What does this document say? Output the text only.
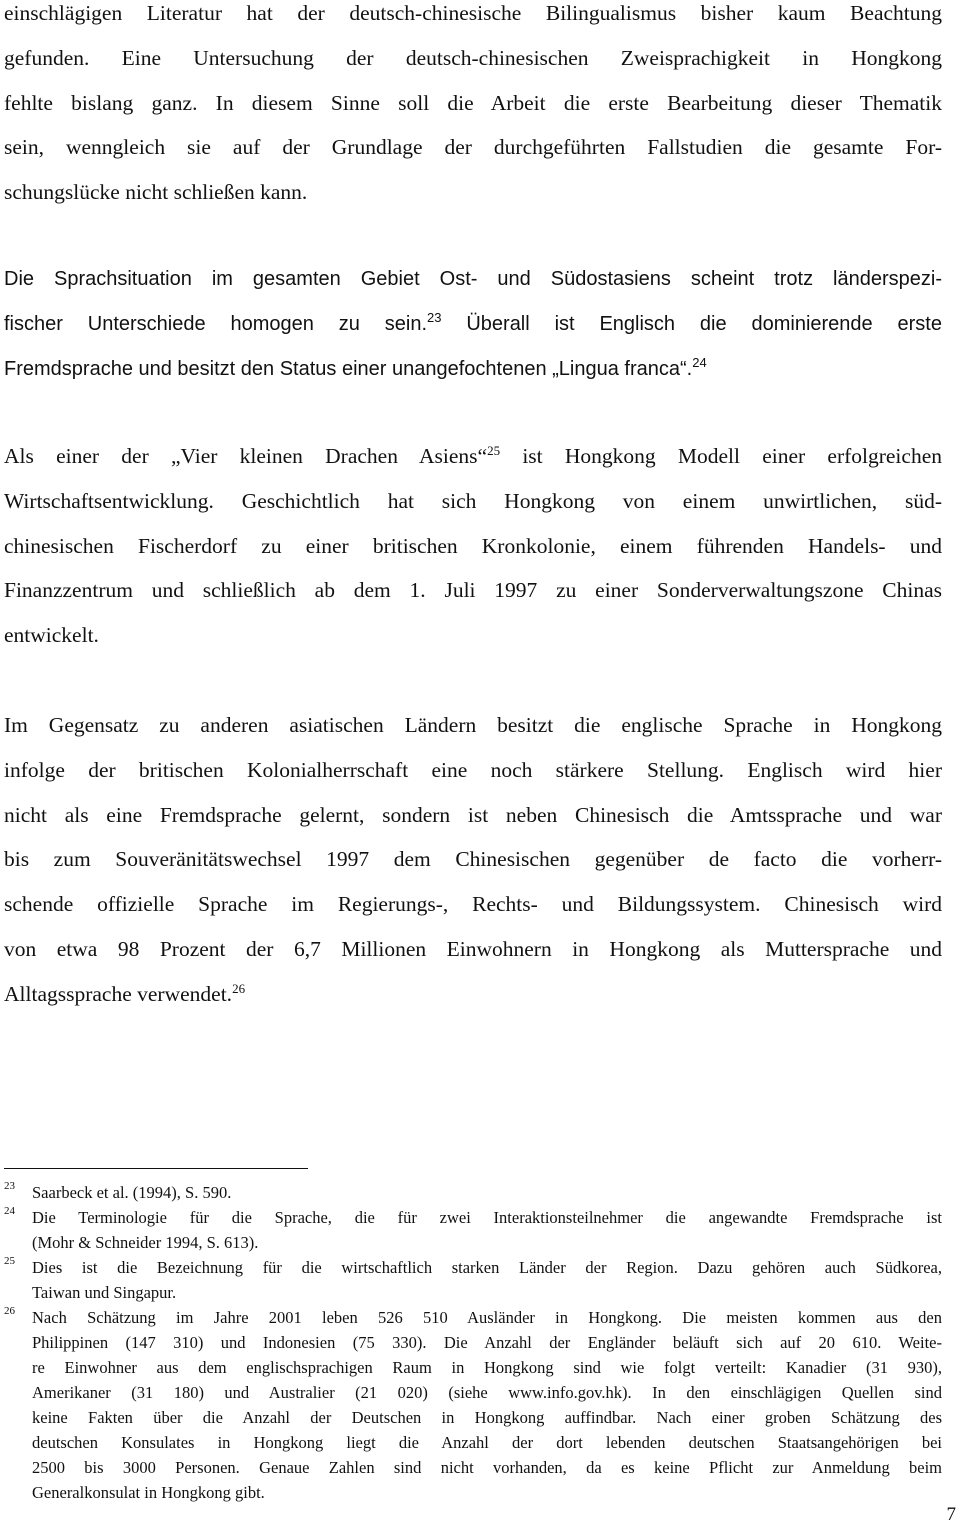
einschlägigen Literatur hat der deutsch-chinesische Bilingualismus bisher kaum Beachtung
gefunden. Eine Untersuchung der deutsch-chinesischen Zweisprachigkeit in Hongkong
fehlte bislang ganz. In diesem Sinne soll die Arbeit die erste Bearbeitung dieser Thematik
sein, wenngleich sie auf der Grundlage der durchgeführten Fallstudien die gesamte For-
schungslücke nicht schließen kann.
Die Sprachsituation im gesamten Gebiet Ost- und Südostasiens scheint trotz länderspezi-
fischer Unterschiede homogen zu sein.$^{23}$ Überall ist Englisch die dominierende erste
Fremdsprache und besitzt den Status einer unangefochtenen „Lingua franca“.$^{24}$
Als einer der „Vier kleinen Drachen Asiens“$^{25}$ ist Hongkong Modell einer erfolgreichen
Wirtschaftsentwicklung. Geschichtlich hat sich Hongkong von einem unwirtlichen, süd-
chinesischen Fischerdorf zu einer britischen Kronkolonie, einem führenden Handels- und
Finanzzentrum und schließlich ab dem 1. Juli 1997 zu einer Sonderverwaltungszone Chinas
entwickelt.
Im Gegensatz zu anderen asiatischen Ländern besitzt die englische Sprache in Hongkong
infolge der britischen Kolonialherrschaft eine noch stärkere Stellung. Englisch wird hier
nicht als eine Fremdsprache gelernt, sondern ist neben Chinesisch die Amtssprache und war
bis zum Souveränitätswechsel 1997 dem Chinesischen gegenüber de facto die vorherr-
schende offizielle Sprache im Regierungs-, Rechts- und Bildungssystem. Chinesisch wird
von etwa 98 Prozent der 6,7 Millionen Einwohnern in Hongkong als Muttersprache und
Alltagssprache verwendet.$^{26}$
23 Saarbeck et al. (1994), S. 590.
24 Die Terminologie für die Sprache, die für zwei Interaktionsteilnehmer die angewandte Fremdsprache ist
(Mohr & Schneider 1994, S. 613).
25 Dies ist die Bezeichnung für die wirtschaftlich starken Länder der Region. Dazu gehören auch Südkorea,
Taiwan und Singapur.
26 Nach Schätzung im Jahre 2001 leben 526 510 Ausländer in Hongkong. Die meisten kommen aus den
Philippinen (147 310) und Indonesien (75 330). Die Anzahl der Engländer beläuft sich auf 20 610. Weite-
re Einwohner aus dem englischsprachigen Raum in Hongkong sind wie folgt verteilt: Kanadier (31 930),
Amerikaner (31 180) und Australier (21 020) (siehe www.info.gov.hk). In den einschlägigen Quellen sind
keine Fakten über die Anzahl der Deutschen in Hongkong auffindbar. Nach einer groben Schätzung des
deutschen Konsulates in Hongkong liegt die Anzahl der dort lebenden deutschen Staatsangehörigen bei
2500 bis 3000 Personen. Genaue Zahlen sind nicht vorhanden, da es keine Pflicht zur Anmeldung beim
Generalkonsulat in Hongkong gibt.
7
